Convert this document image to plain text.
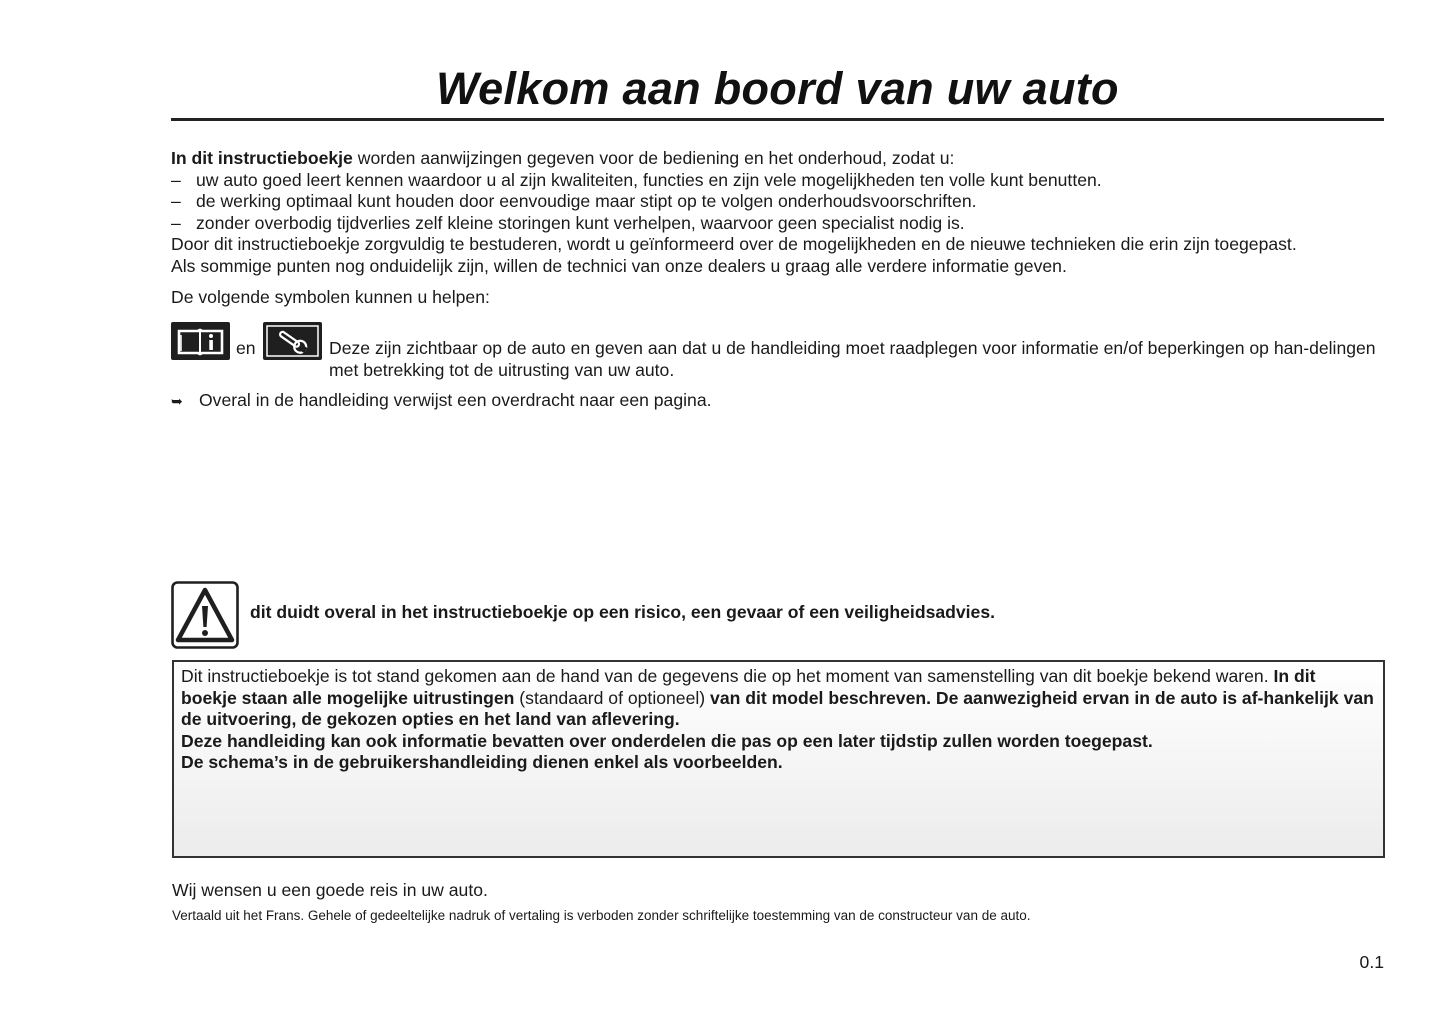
Welkom aan boord van uw auto
In dit instructieboekje worden aanwijzingen gegeven voor de bediening en het onderhoud, zodat u:
– uw auto goed leert kennen waardoor u al zijn kwaliteiten, functies en zijn vele mogelijkheden ten volle kunt benutten.
– de werking optimaal kunt houden door eenvoudige maar stipt op te volgen onderhoudsvoorschriften.
– zonder overbodig tijdverlies zelf kleine storingen kunt verhelpen, waarvoor geen specialist nodig is.
Door dit instructieboekje zorgvuldig te bestuderen, wordt u geïnformeerd over de mogelijkheden en de nieuwe technieken die erin zijn toegepast.
Als sommige punten nog onduidelijk zijn, willen de technici van onze dealers u graag alle verdere informatie geven.
De volgende symbolen kunnen u helpen:
en	Deze zijn zichtbaar op de auto en geven aan dat u de handleiding moet raadplegen voor informatie en/of beperkingen op han-delingen met betrekking tot de uitrusting van uw auto.
➥ Overal in de handleiding verwijst een overdracht naar een pagina.
dit duidt overal in het instructieboekje op een risico, een gevaar of een veiligheidsadvies.
Dit instructieboekje is tot stand gekomen aan de hand van de gegevens die op het moment van samenstelling van dit boekje bekend waren. In dit boekje staan alle mogelijke uitrustingen (standaard of optioneel) van dit model beschreven. De aanwezigheid ervan in de auto is af-hankelijk van de uitvoering, de gekozen opties en het land van aflevering.
Deze handleiding kan ook informatie bevatten over onderdelen die pas op een later tijdstip zullen worden toegepast.
De schema’s in de gebruikershandleiding dienen enkel als voorbeelden.
Wij wensen u een goede reis in uw auto.
Vertaald uit het Frans. Gehele of gedeeltelijke nadruk of vertaling is verboden zonder schriftelijke toestemming van de constructeur van de auto.
0.1
